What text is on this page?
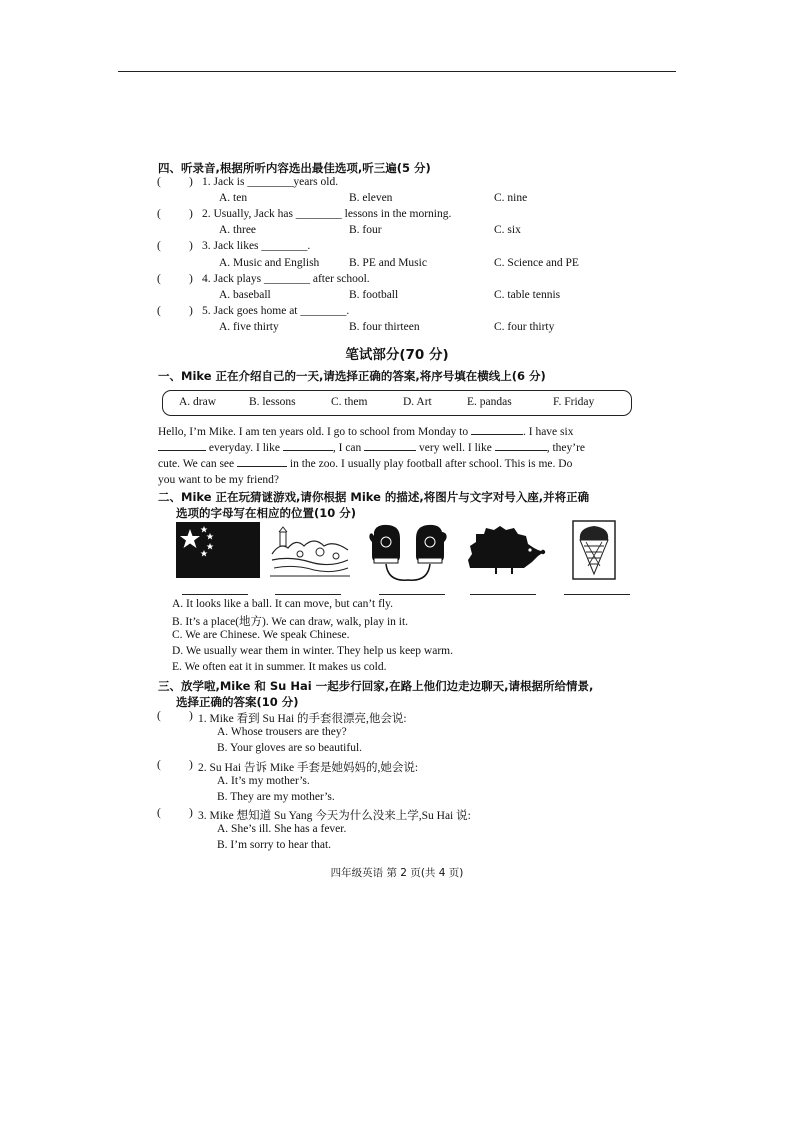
四、听录音,根据所听内容选出最佳选项,听三遍(5 分)
( ) 1. Jack is ________years old.
A. ten	B. eleven	C. nine
( ) 2. Usually, Jack has ________ lessons in the morning.
A. three	B. four	C. six
( ) 3. Jack likes ________.
A. Music and English	B. PE and Music	C. Science and PE
( ) 4. Jack plays ________ after school.
A. baseball	B. football	C. table tennis
( ) 5. Jack goes home at ________.
A. five thirty	B. four thirteen	C. four thirty
笔试部分(70 分)
一、Mike 正在介绍自己的一天,请选择正确的答案,将序号填在横线上(6 分)
A. draw	B. lessons	C. them	D. Art	E. pandas	F. Friday
Hello, I’m Mike. I am ten years old. I go to school from Monday to	. I have six
everyday. I like	, I can	very well. I like	, they’re
cute. We can see	in the zoo. I usually play football after school. This is me. Do
you want to be my friend?
二、Mike 正在玩猜谜游戏,请你根据 Mike 的描述,将图片与文字对号入座,并将正确
选项的字母写在相应的位置(10 分)
A. It looks like a ball. It can move, but can’t fly.
B. It’s a place(地方). We can draw, walk, play in it.
C. We are Chinese. We speak Chinese.
D. We usually wear them in winter. They help us keep warm.
E. We often eat it in summer. It makes us cold.
三、放学啦,Mike 和 Su Hai 一起步行回家,在路上他们边走边聊天,请根据所给情景,
选择正确的答案(10 分)
( ) 1. Mike 看到 Su Hai 的手套很漂亮,他会说:
A. Whose trousers are they?
B. Your gloves are so beautiful.
( ) 2. Su Hai 告诉 Mike 手套是她妈妈的,她会说:
A. It’s my mother’s.
B. They are my mother’s.
( ) 3. Mike 想知道 Su Yang 今天为什么没来上学,Su Hai 说:
A. She’s ill. She has a fever.
B. I’m sorry to hear that.
四年级英语 第 2 页(共 4 页)
